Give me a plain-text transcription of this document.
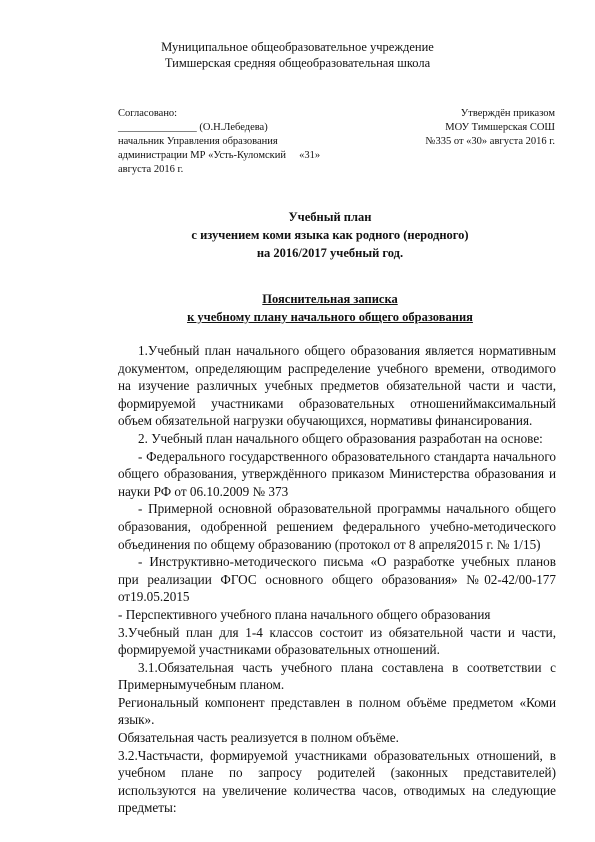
Муниципальное общеобразовательное учреждение
Тимшерская средняя общеобразовательная школа
Согласовано:
_______________ (О.Н.Лебедева)
начальник Управления образования
администрации МР «Усть-Куломский     «31»
августа 2016 г.
Утверждён приказом
МОУ Тимшерская СОШ
№335 от «30» августа 2016 г.
Учебный план
с изучением коми языка как родного (неродного)
на 2016/2017 учебный год.
Пояснительная записка
к учебному плану начального общего образования

1.Учебный план начального общего образования является нормативным документом, определяющим распределение учебного времени, отводимого на изучение различных учебных предметов обязательной части и части, формируемой участниками образовательных отношениймаксимальный объем обязательной нагрузки обучающихся, нормативы финансирования.

2. Учебный план начального общего образования разработан на основе:

- Федерального государственного образовательного стандарта начального общего образования, утверждённого приказом Министерства образования и науки РФ от 06.10.2009 № 373

- Примерной основной образовательной программы начального общего образования, одобренной решением федерального учебно-методического объединения по общему образованию (протокол от 8 апреля2015 г. № 1/15)

- Инструктивно-методического письма «О разработке учебных планов при реализации ФГОС основного общего образования» №02-42/00-177 от19.05.2015

- Перспективного учебного плана начального общего образования

3.Учебный план для 1-4 классов состоит из обязательной части и части, формируемой участниками образовательных отношений.

3.1.Обязательная часть учебного плана составлена в соответствии с Примернымучебным планом.

Региональный компонент представлен в полном объёме предметом «Коми язык».

Обязательная часть реализуется в полном объёме.

3.2.Частьчасти, формируемой участниками образовательных отношений, в учебном плане по запросу родителей (законных представителей) используются на увеличение количества часов, отводимых на следующие предметы:
